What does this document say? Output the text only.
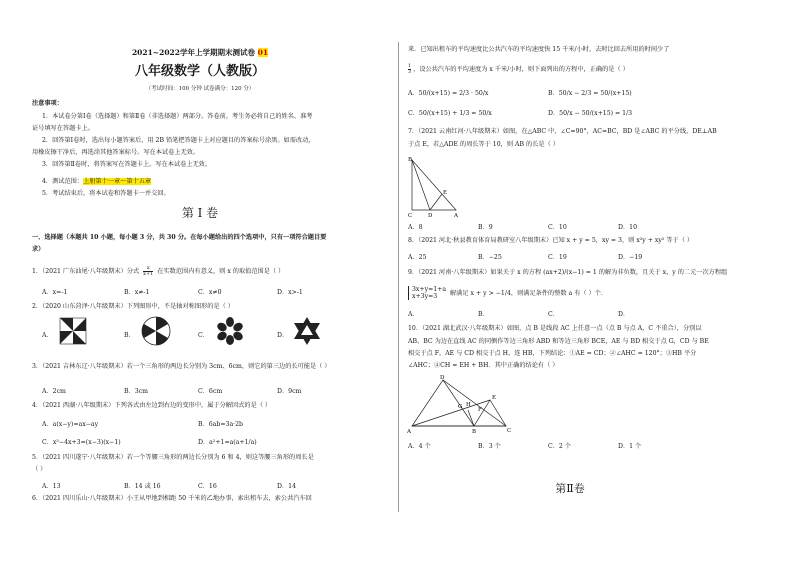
2021~2022学年上学期期末测试卷 01
八年级数学（人教版）
（考试时间：100 分钟 试卷满分：120 分）
注意事项：
1．本试卷分第Ⅰ卷（选择题）和第Ⅱ卷（非选择题）两部分。答卷前，考生务必将自己的姓名、准考
证号填写在答题卡上。
2．回答第Ⅰ卷时，选出每小题答案后，用 2B 铅笔把答题卡上对应题目的答案标号涂黑。如需改动，
用橡皮擦干净后，再选涂其他答案标号。写在本试卷上无效。
3．回答第Ⅱ卷时，将答案写在答题卡上。写在本试卷上无效。
4．测试范围：上册第十一章～第十五章
5．考试结束后，将本试卷和答题卡一并交回。
第 Ⅰ 卷
一、选择题（本题共 10 小题，每小题 3 分，共 30 分。在每小题给出的四个选项中，只有一项符合题目要
求）
1．（2021 广东汕尾·八年级期末）分式 $\frac{x}{x+1}$ 在实数范围内有意义，则 x 的取值范围是（ ）
A．x=-1	B．x≠-1	C．x≠0	D．x>-1
2．（2020 山东菏泽·八年级期末）下列图形中，不是轴对称图形的是（ ）
A．	B．	C．	D．
3．（2021 吉林东辽·八年级期末）若一个三角形的两边长分别为 3cm、6cm，则它的第三边的长可能是（ ）
A．2cm	B．3cm	C．6cm	D．9cm
4．（2021 西湖·八年级期末）下列各式由左边到右边的变形中，属于分解因式的是（ ）
A．a(x−y)=ax−ay	B．6ab=3a·2b
C．x²−4x+3=(x−3)(x−1)	D．a²+1=a(a+1/a)
5．（2021 四川遂宁·八年级期末）若一个等腰三角形的两边长分别为 6 和 4，则这等腰三角形的周长是
（ ）
A．13	B．14 或 16	C．16	D．14
6．（2021 四川乐山·八年级期末）小王从甲地到相距 50 千米的乙地办事，索出租车去，索公共汽车回
来．已知出租车的平均速度比公共汽车的平均速度快 15 千米/小时，去时比回去所用的时间少了
$\frac{1}{3}$ ，设公共汽车的平均速度为 x 千米/小时，则下面列出的方程中，正确的是（ ）
A．50/(x+15) = 2/3 · 50/x	B．50/x − 2/3 = 50/(x+15)
C．50/(x+15) + 1/3 = 50/x	D．50/x − 50/(x+15) = 1/3
7．（2021 云南红河·八年级期末）如图，在△ABC 中，∠C=90°，AC=BC，BD 是∠ABC 的平分线，DE⊥AB
于点 E，若△ADE 的周长等于 10，则 AB 的长是（ ）
B
E
C	D	A
A．8	B．9	C．10	D．10
8．（2021 河北·秋县教育体育局教研室八年级期末）已知 x + y = 5，xy = 3，则 x²y + xy² 等于（ ）
A．25	B．−25	C．19	D．−19
9．（2021 河南·八年级期末）如果关于 x 的方程 (ax+2)/(x−1) = 1 的解为非负数，且关于 x，y 的二元一次方程组
3x+y=1+a
x+3y=3	解满足 x + y > −1/4，则满足条件的整数 a 有（ ）个．
A．	B．	C．	D．
10．（2021 湖北武汉·八年级期末）如图，点 B 是线段 AC 上任意一点（点 B 与点 A，C 不重合），分别以
AB、BC 为边在直线 AC 的同侧作等边三角形 ABD 和等边三角形 BCE，AE 与 BD 相交于点 G，CD 与 BE
相交于点 F，AE 与 CD 相交于点 H，连 HB，下列结论：①AE = CD；②∠AHC = 120°；③HB 平分
∠AHC；④CH = EH + BH．其中正确的结论有（ ）
D
E
G	F
H
A	B	C
A．4 个	B．3 个	C．2 个	D．1 个
第Ⅱ卷
